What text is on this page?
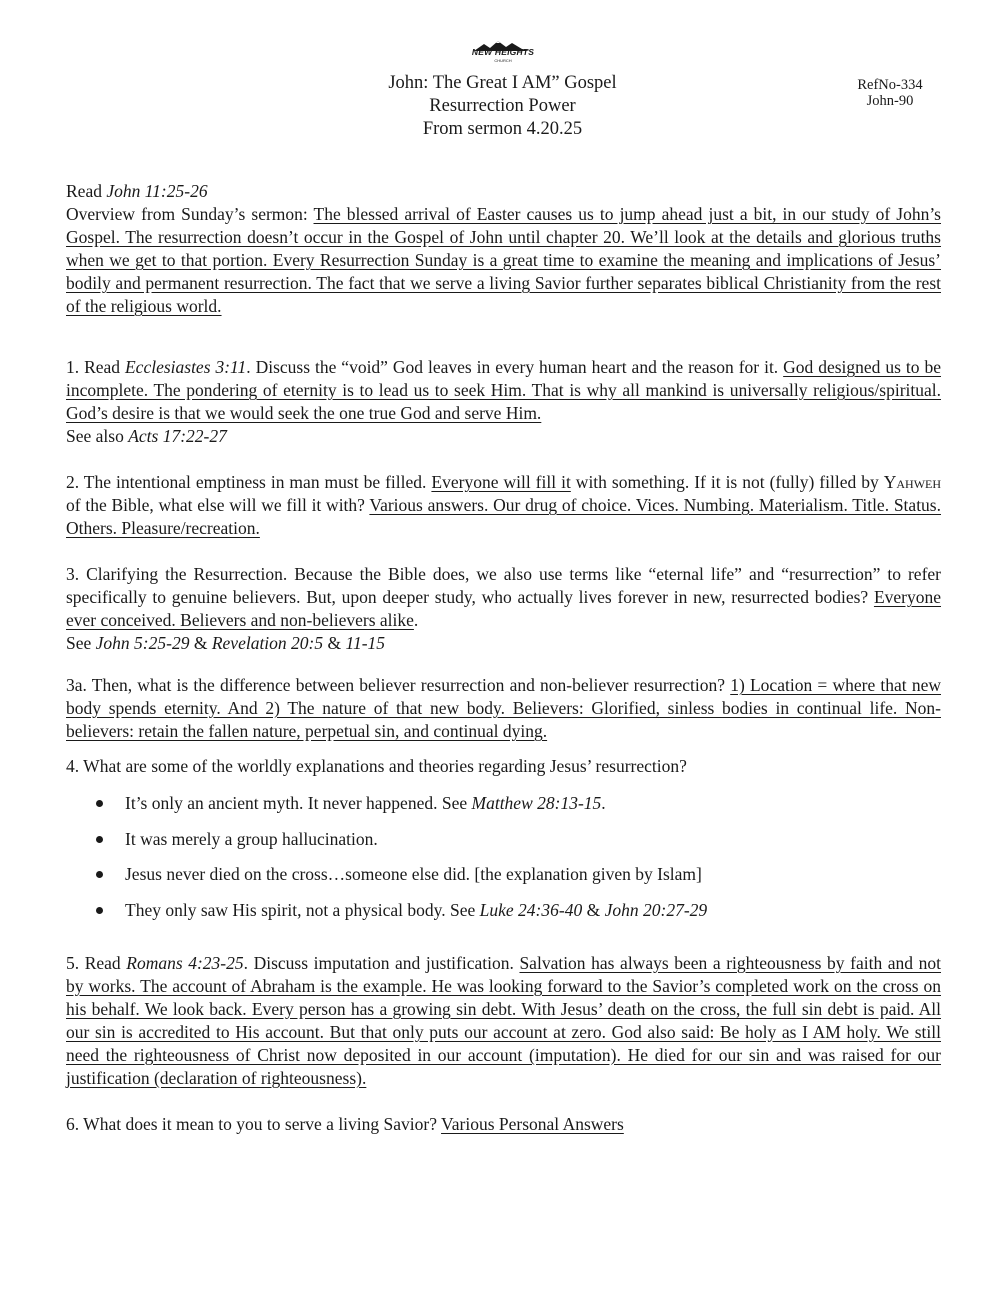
NEW HEIGHTS
CHURCH
John: The Great I AM” Gospel
Resurrection Power
From sermon 4.20.25
RefNo-334
John-90

Read John 11:25-26
Overview from Sunday’s sermon: The blessed arrival of Easter causes us to jump ahead just a bit, in our study of John’s Gospel. The resurrection doesn’t occur in the Gospel of John until chapter 20. We’ll look at the details and glorious truths when we get to that portion. Every Resurrection Sunday is a great time to examine the meaning and implications of Jesus’ bodily and permanent resurrection. The fact that we serve a living Savior further separates biblical Christianity from the rest of the religious world.

1. Read Ecclesiastes 3:11. Discuss the “void” God leaves in every human heart and the reason for it. God designed us to be incomplete. The pondering of eternity is to lead us to seek Him. That is why all mankind is universally religious/spiritual. God’s desire is that we would seek the one true God and serve Him.
See also Acts 17:22-27

2. The intentional emptiness in man must be filled. Everyone will fill it with something. If it is not (fully) filled by Yahweh of the Bible, what else will we fill it with? Various answers. Our drug of choice. Vices. Numbing. Materialism. Title. Status. Others. Pleasure/recreation.

3. Clarifying the Resurrection. Because the Bible does, we also use terms like “eternal life” and “resurrection” to refer specifically to genuine believers. But, upon deeper study, who actually lives forever in new, resurrected bodies? Everyone ever conceived. Believers and non-believers alike.
See John 5:25-29 & Revelation 20:5 & 11-15

3a. Then, what is the difference between believer resurrection and non-believer resurrection? 1) Location = where that new body spends eternity. And 2) The nature of that new body. Believers: Glorified, sinless bodies in continual life. Non-believers: retain the fallen nature, perpetual sin, and continual dying.

4. What are some of the worldly explanations and theories regarding Jesus’ resurrection?

It’s only an ancient myth. It never happened. See Matthew 28:13-15.
It was merely a group hallucination.
Jesus never died on the cross…someone else did. [the explanation given by Islam]
They only saw His spirit, not a physical body. See Luke 24:36-40 & John 20:27-29

5. Read Romans 4:23-25. Discuss imputation and justification. Salvation has always been a righteousness by faith and not by works. The account of Abraham is the example. He was looking forward to the Savior’s completed work on the cross on his behalf. We look back. Every person has a growing sin debt. With Jesus’ death on the cross, the full sin debt is paid. All our sin is accredited to His account. But that only puts our account at zero. God also said: Be holy as I AM holy. We still need the righteousness of Christ now deposited in our account (imputation). He died for our sin and was raised for our justification (declaration of righteousness).

6. What does it mean to you to serve a living Savior? Various Personal Answers
